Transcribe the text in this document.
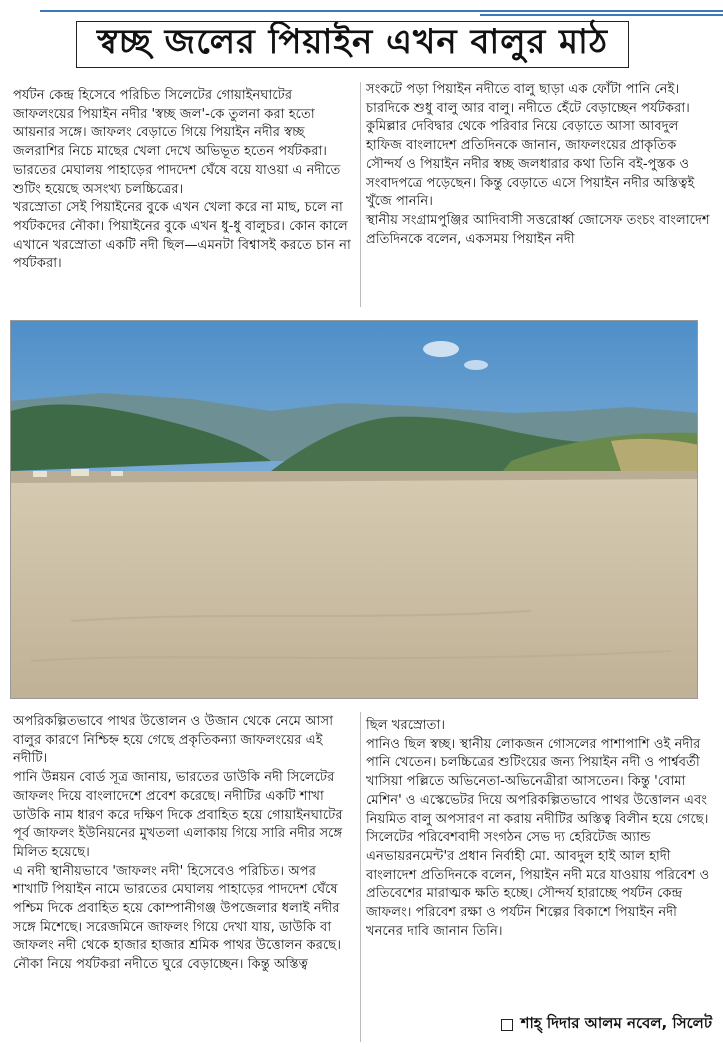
স্বচ্ছ জলের পিয়াইন এখন বালুর মাঠ

পর্যটন কেন্দ্র হিসেবে পরিচিত সিলেটের গোয়াইনঘাটের জাফলংয়ের পিয়াইন নদীর 'স্বচ্ছ জল'-কে তুলনা করা হতো আয়নার সঙ্গে। জাফলং বেড়াতে গিয়ে পিয়াইন নদীর স্বচ্ছ জলরাশির নিচে মাছের খেলা দেখে অভিভূত হতেন পর্যটকরা। ভারতের মেঘালয় পাহাড়ের পাদদেশ ঘেঁষে বয়ে যাওয়া এ নদীতে শুটিং হয়েছে অসংখ্য চলচ্চিত্রের।

খরস্রোতা সেই পিয়াইনের বুকে এখন খেলা করে না মাছ, চলে না পর্যটকদের নৌকা। পিয়াইনের বুকে এখন ধু-ধু বালুচর। কোন কালে এখানে খরস্রোতা একটি নদী ছিল—এমনটা বিশ্বাসই করতে চান না পর্যটকরা।

সংকটে পড়া পিয়াইন নদীতে বালু ছাড়া এক ফোঁটা পানি নেই। চারদিকে শুধু বালু আর বালু। নদীতে হেঁটে বেড়াচ্ছেন পর্যটকরা।

কুমিল্লার দেবিদ্বার থেকে পরিবার নিয়ে বেড়াতে আসা আবদুল হাফিজ বাংলাদেশ প্রতিদিনকে জানান, জাফলংয়ের প্রাকৃতিক সৌন্দর্য ও পিয়াইন নদীর স্বচ্ছ জলধারার কথা তিনি বই-পুস্তক ও সংবাদপত্রে পড়েছেন। কিন্তু বেড়াতে এসে পিয়াইন নদীর অস্তিত্বই খুঁজে পাননি।

স্থানীয় সংগ্রামপুঞ্জির আদিবাসী সত্তরোর্ধ্ব জোসেফ তংচং বাংলাদেশ প্রতিদিনকে বলেন, একসময় পিয়াইন নদী

অপরিকল্পিতভাবে পাথর উত্তোলন ও উজান থেকে নেমে আসা বালুর কারণে নিশ্চিহ্ন হয়ে গেছে প্রকৃতিকন্যা জাফলংয়ের এই নদীটি।

পানি উন্নয়ন বোর্ড সূত্র জানায়, ভারতের ডাউকি নদী সিলেটের জাফলং দিয়ে বাংলাদেশে প্রবেশ করেছে। নদীটির একটি শাখা ডাউকি নাম ধারণ করে দক্ষিণ দিকে প্রবাহিত হয়ে গোয়াইনঘাটের পূর্ব জাফলং ইউনিয়নের মুখতলা এলাকায় গিয়ে সারি নদীর সঙ্গে মিলিত হয়েছে।

এ নদী স্থানীয়ভাবে 'জাফলং নদী' হিসেবেও পরিচিত। অপর শাখাটি পিয়াইন নামে ভারতের মেঘালয় পাহাড়ের পাদদেশ ঘেঁষে পশ্চিম দিকে প্রবাহিত হয়ে কোম্পানীগঞ্জ উপজেলার ধলাই নদীর সঙ্গে মিশেছে। সরেজমিনে জাফলং গিয়ে দেখা যায়, ডাউকি বা জাফলং নদী থেকে হাজার হাজার শ্রমিক পাথর উত্তোলন করছে। নৌকা নিয়ে পর্যটকরা নদীতে ঘুরে বেড়াচ্ছেন। কিন্তু অস্তিত্ব

ছিল খরস্রোতা।

পানিও ছিল স্বচ্ছ। স্থানীয় লোকজন গোসলের পাশাপাশি ওই নদীর পানি খেতেন। চলচ্চিত্রের শুটিংয়ের জন্য পিয়াইন নদী ও পার্শ্ববর্তী খাসিয়া পল্লিতে অভিনেতা-অভিনেত্রীরা আসতেন। কিন্তু 'বোমা মেশিন' ও এস্কেভেটর দিয়ে অপরিকল্পিতভাবে পাথর উত্তোলন এবং নিয়মিত বালু অপসারণ না করায় নদীটির অস্তিত্ব বিলীন হয়ে গেছে।

সিলেটের পরিবেশবাদী সংগঠন সেভ দ্য হেরিটেজ অ্যান্ড এনভায়রনমেন্ট'র প্রধান নির্বাহী মো. আবদুল হাই আল হাদী বাংলাদেশ প্রতিদিনকে বলেন, পিয়াইন নদী মরে যাওয়ায় পরিবেশ ও প্রতিবেশের মারাত্মক ক্ষতি হচ্ছে। সৌন্দর্য হারাচ্ছে পর্যটন কেন্দ্র জাফলং। পরিবেশ রক্ষা ও পর্যটন শিল্পের বিকাশে পিয়াইন নদী খননের দাবি জানান তিনি।

শাহ্ দিদার আলম নবেল, সিলেট
